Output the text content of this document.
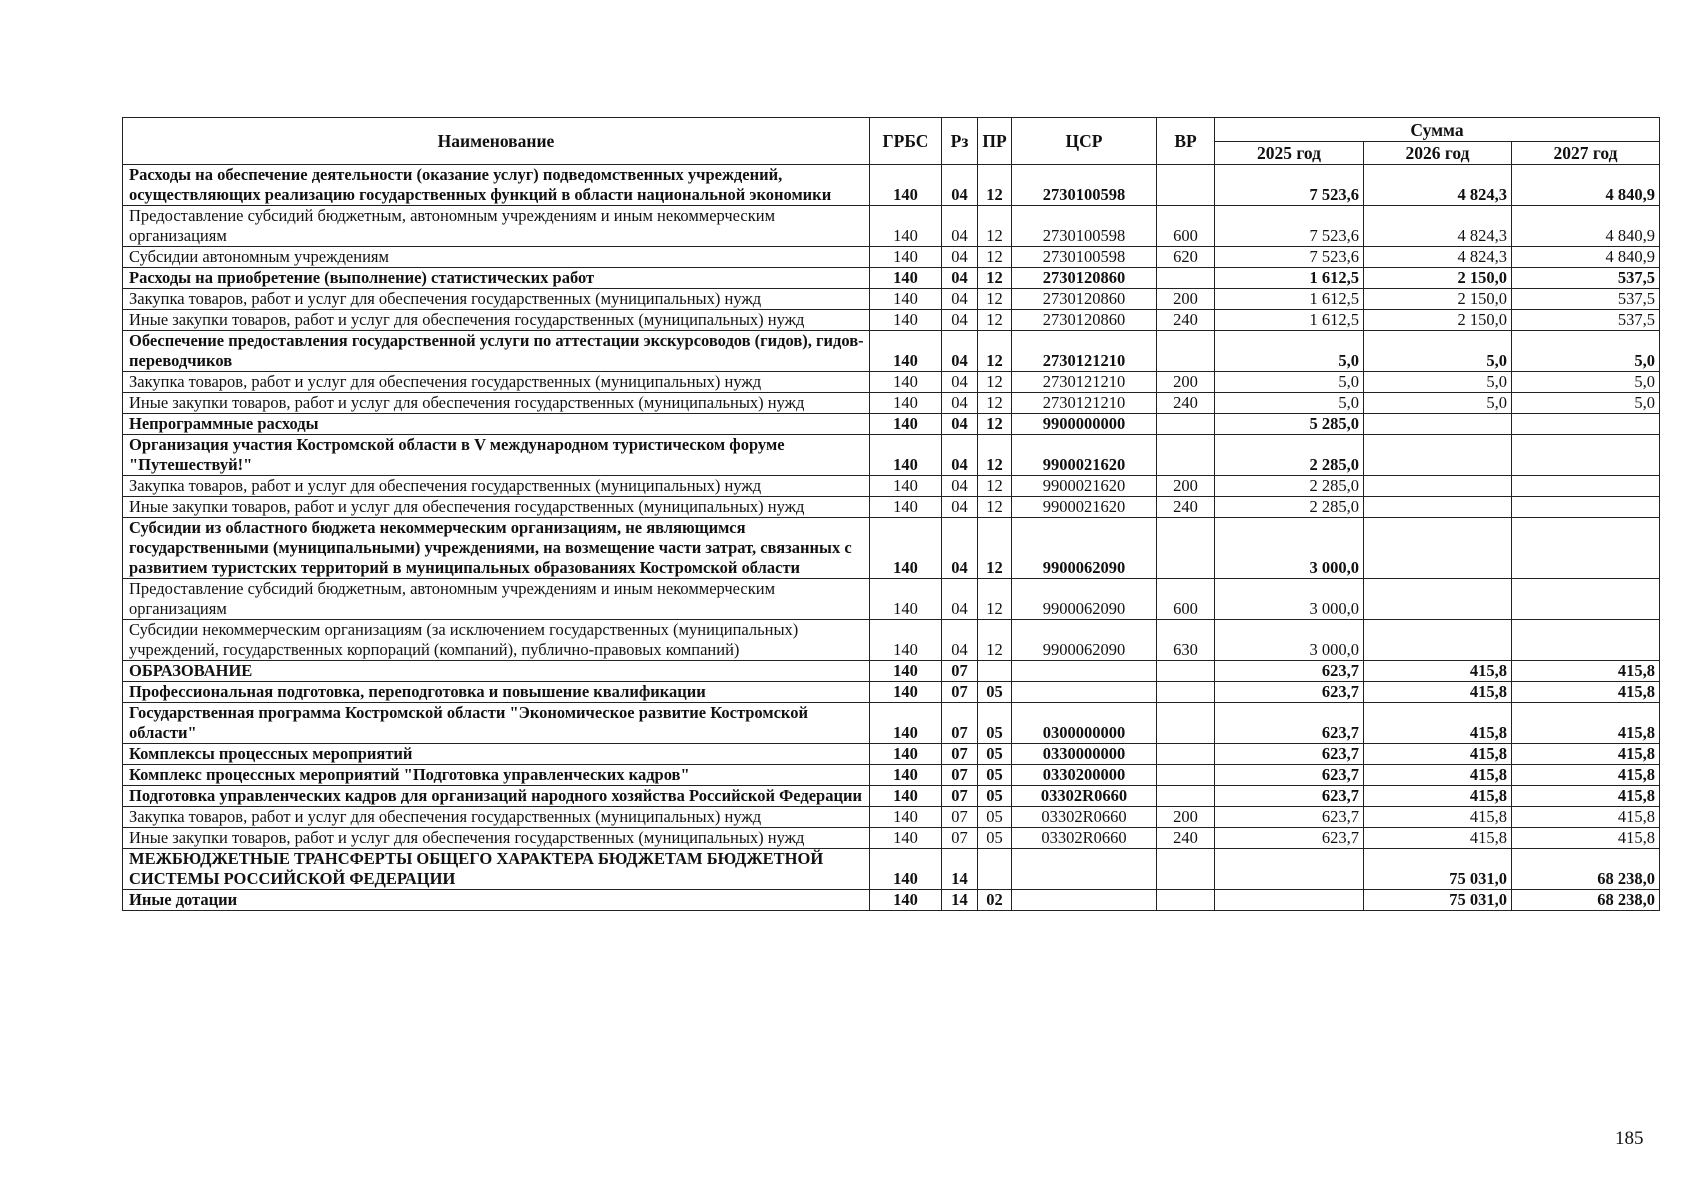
Наименование	ГРБС	Рз	ПР	ЦСР	ВР	Сумма		
						2025 год	2026 год	2027 год
Расходы на обеспечение деятельности (оказание услуг) подведомственных учреждений, осуществляющих реализацию государственных функций в области национальной экономики	140	04	12	2730100598		7 523,6	4 824,3	4 840,9
Предоставление субсидий бюджетным, автономным учреждениям и иным некоммерческим организациям	140	04	12	2730100598	600	7 523,6	4 824,3	4 840,9
Субсидии автономным учреждениям	140	04	12	2730100598	620	7 523,6	4 824,3	4 840,9
Расходы на приобретение (выполнение) статистических работ	140	04	12	2730120860		1 612,5	2 150,0	537,5
Закупка товаров, работ и услуг для обеспечения государственных (муниципальных) нужд	140	04	12	2730120860	200	1 612,5	2 150,0	537,5
Иные закупки товаров, работ и услуг для обеспечения государственных (муниципальных) нужд	140	04	12	2730120860	240	1 612,5	2 150,0	537,5
Обеспечение предоставления государственной услуги по аттестации экскурсоводов (гидов), гидов-переводчиков	140	04	12	2730121210		5,0	5,0	5,0
Закупка товаров, работ и услуг для обеспечения государственных (муниципальных) нужд	140	04	12	2730121210	200	5,0	5,0	5,0
Иные закупки товаров, работ и услуг для обеспечения государственных (муниципальных) нужд	140	04	12	2730121210	240	5,0	5,0	5,0
Непрограммные расходы	140	04	12	9900000000		5 285,0		
Организация участия Костромской области в V международном туристическом форуме "Путешествуй!"	140	04	12	9900021620		2 285,0		
Закупка товаров, работ и услуг для обеспечения государственных (муниципальных) нужд	140	04	12	9900021620	200	2 285,0		
Иные закупки товаров, работ и услуг для обеспечения государственных (муниципальных) нужд	140	04	12	9900021620	240	2 285,0		
Субсидии из областного бюджета некоммерческим организациям, не являющимся государственными (муниципальными) учреждениями, на возмещение части затрат, связанных с развитием туристских территорий в муниципальных образованиях Костромской области	140	04	12	9900062090		3 000,0		
Предоставление субсидий бюджетным, автономным учреждениям и иным некоммерческим организациям	140	04	12	9900062090	600	3 000,0		
Субсидии некоммерческим организациям (за исключением государственных (муниципальных) учреждений, государственных корпораций (компаний), публично-правовых компаний)	140	04	12	9900062090	630	3 000,0		
ОБРАЗОВАНИЕ	140	07				623,7	415,8	415,8
Профессиональная подготовка, переподготовка и повышение квалификации	140	07	05			623,7	415,8	415,8
Государственная программа Костромской области "Экономическое развитие Костромской области"	140	07	05	0300000000		623,7	415,8	415,8
Комплексы процессных мероприятий	140	07	05	0330000000		623,7	415,8	415,8
Комплекс процессных мероприятий "Подготовка управленческих кадров"	140	07	05	0330200000		623,7	415,8	415,8
Подготовка управленческих кадров для организаций народного хозяйства Российской Федерации	140	07	05	03302R0660		623,7	415,8	415,8
Закупка товаров, работ и услуг для обеспечения государственных (муниципальных) нужд	140	07	05	03302R0660	200	623,7	415,8	415,8
Иные закупки товаров, работ и услуг для обеспечения государственных (муниципальных) нужд	140	07	05	03302R0660	240	623,7	415,8	415,8
МЕЖБЮДЖЕТНЫЕ ТРАНСФЕРТЫ ОБЩЕГО ХАРАКТЕРА БЮДЖЕТАМ БЮДЖЕТНОЙ СИСТЕМЫ РОССИЙСКОЙ ФЕДЕРАЦИИ	140	14					75 031,0	68 238,0
Иные дотации	140	14	02				75 031,0	68 238,0
185
